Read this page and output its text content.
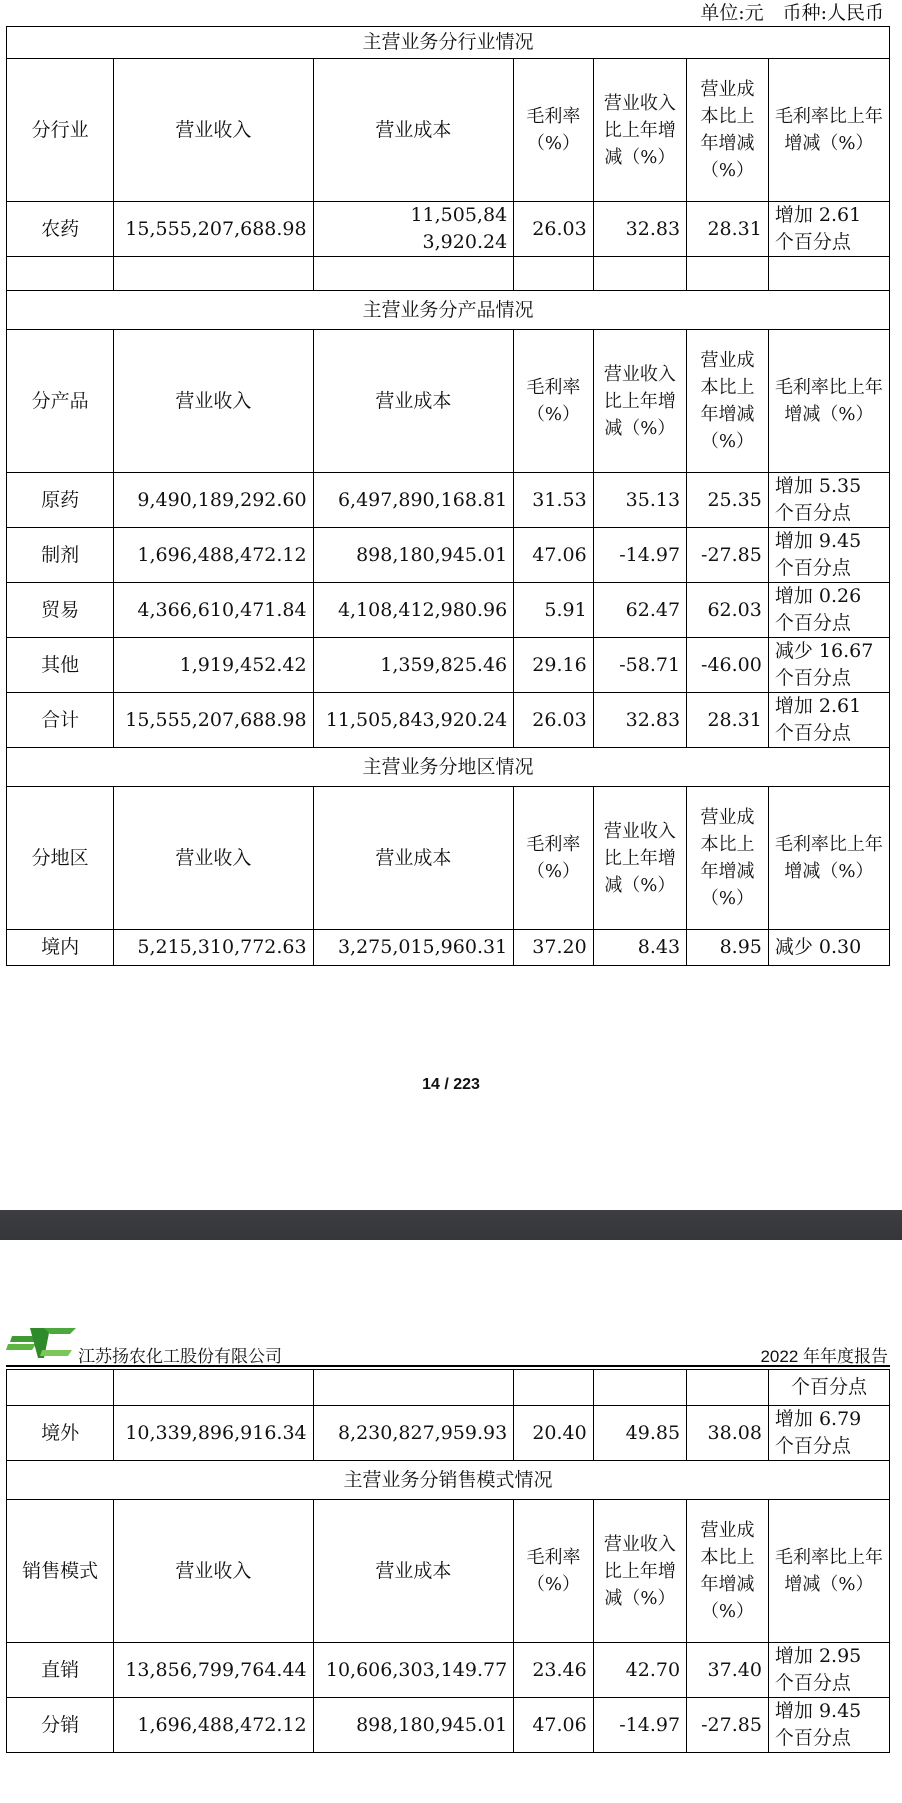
单位:元　币种:人民币
主营业务分行业情况						
分行业	营业收入	营业成本	毛利率（%）	营业收入比上年增减（%）	营业成本比上年增减（%）	毛利率比上年增减（%）
农药	15,555,207,688.98	11,505,843,920.24	26.03	32.83	28.31	增加 2.61 个百分点

主营业务分产品情况						
分产品	营业收入	营业成本	毛利率（%）	营业收入比上年增减（%）	营业成本比上年增减（%）	毛利率比上年增减（%）
原药	9,490,189,292.60	6,497,890,168.81	31.53	35.13	25.35	增加 5.35 个百分点
制剂	1,696,488,472.12	898,180,945.01	47.06	-14.97	-27.85	增加 9.45 个百分点
贸易	4,366,610,471.84	4,108,412,980.96	5.91	62.47	62.03	增加 0.26 个百分点
其他	1,919,452.42	1,359,825.46	29.16	-58.71	-46.00	减少 16.67 个百分点
合计	15,555,207,688.98	11,505,843,920.24	26.03	32.83	28.31	增加 2.61 个百分点
主营业务分地区情况						
分地区	营业收入	营业成本	毛利率（%）	营业收入比上年增减（%）	营业成本比上年增减（%）	毛利率比上年增减（%）
境内	5,215,310,772.63	3,275,015,960.31	37.20	8.43	8.95	减少 0.30
14 / 223
江苏扬农化工股份有限公司	2022 年年度报告
						个百分点
境外	10,339,896,916.34	8,230,827,959.93	20.40	49.85	38.08	增加 6.79 个百分点
主营业务分销售模式情况						
销售模式	营业收入	营业成本	毛利率（%）	营业收入比上年增减（%）	营业成本比上年增减（%）	毛利率比上年增减（%）
直销	13,856,799,764.44	10,606,303,149.77	23.46	42.70	37.40	增加 2.95 个百分点
分销	1,696,488,472.12	898,180,945.01	47.06	-14.97	-27.85	增加 9.45 个百分点
